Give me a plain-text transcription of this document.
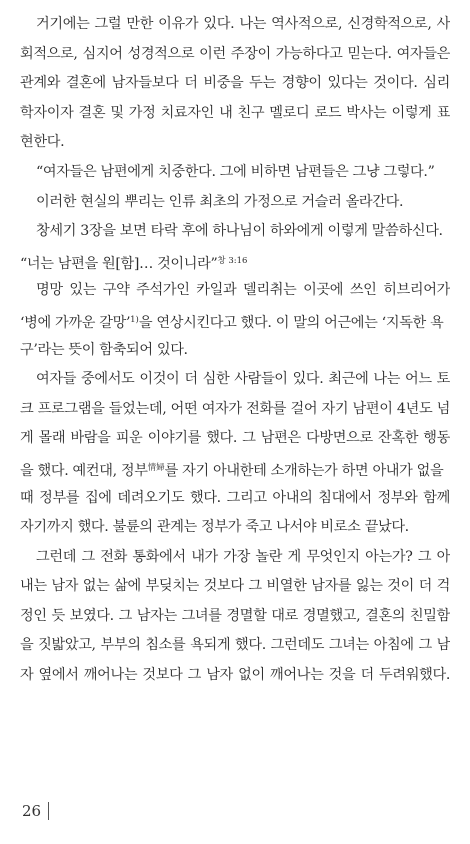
거기에는 그럴 만한 이유가 있다. 나는 역사적으로, 신경학적으로, 사
회적으로, 심지어 성경적으로 이런 주장이 가능하다고 믿는다. 여자들은
관계와 결혼에 남자들보다 더 비중을 두는 경향이 있다는 것이다. 심리
학자이자 결혼 및 가정 치료자인 내 친구 멜로디 로드 박사는 이렇게 표
현한다.
“여자들은 남편에게 치중한다. 그에 비하면 남편들은 그냥 그렇다.”
이러한 현실의 뿌리는 인류 최초의 가정으로 거슬러 올라간다.
창세기 3장을 보면 타락 후에 하나님이 하와에게 이렇게 말씀하신다.
“너는 남편을 원[함]… 것이니라”$^{창 3:16}$
명망 있는 구약 주석가인 카일과 델리취는 이곳에 쓰인 히브리어가
‘병에 가까운 갈망’$^{1)}$을 연상시킨다고 했다. 이 말의 어근에는 ‘지독한 욕
구’라는 뜻이 함축되어 있다.
여자들 중에서도 이것이 더 심한 사람들이 있다. 최근에 나는 어느 토
크 프로그램을 들었는데, 어떤 여자가 전화를 걸어 자기 남편이 4년도 넘
게 몰래 바람을 피운 이야기를 했다. 그 남편은 다방면으로 잔혹한 행동
을 했다. 예컨대, 정부$^{情婦}$를 자기 아내한테 소개하는가 하면 아내가 없을
때 정부를 집에 데려오기도 했다. 그리고 아내의 침대에서 정부와 함께
자기까지 했다. 불륜의 관계는 정부가 죽고 나서야 비로소 끝났다.
그런데 그 전화 통화에서 내가 가장 놀란 게 무엇인지 아는가? 그 아
내는 남자 없는 삶에 부딪치는 것보다 그 비열한 남자를 잃는 것이 더 걱
정인 듯 보였다. 그 남자는 그녀를 경멸할 대로 경멸했고, 결혼의 친밀함
을 짓밟았고, 부부의 침소를 욕되게 했다. 그런데도 그녀는 아침에 그 남
자 옆에서 깨어나는 것보다 그 남자 없이 깨어나는 것을 더 두려워했다.
26
